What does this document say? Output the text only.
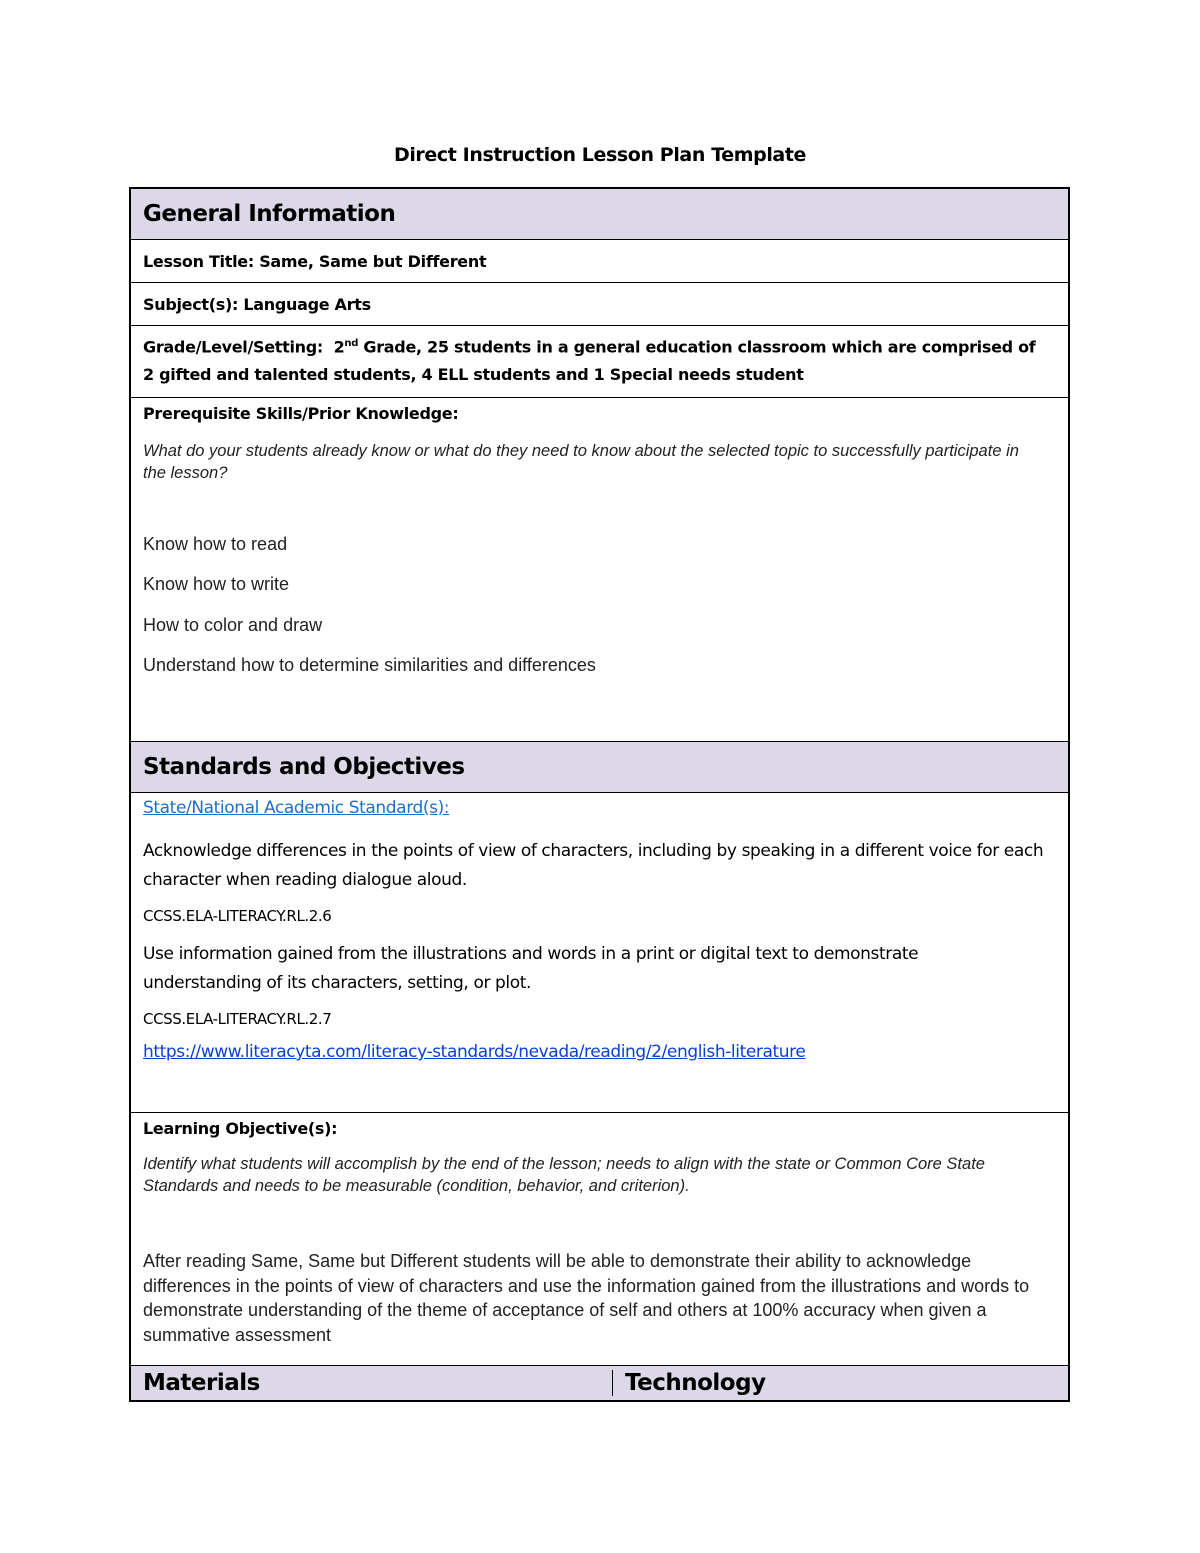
Direct Instruction Lesson Plan Template
General Information
Lesson Title: Same, Same but Different
Subject(s): Language Arts
Grade/Level/Setting: 2nd Grade, 25 students in a general education classroom which are comprised of
2 gifted and talented students, 4 ELL students and 1 Special needs student
Prerequisite Skills/Prior Knowledge:
What do your students already know or what do they need to know about the selected topic to successfully participate in the lesson?
Know how to read
Know how to write
How to color and draw
Understand how to determine similarities and differences
Standards and Objectives
State/National Academic Standard(s):
Acknowledge differences in the points of view of characters, including by speaking in a different voice for each character when reading dialogue aloud.
CCSS.ELA-LITERACY.RL.2.6
Use information gained from the illustrations and words in a print or digital text to demonstrate understanding of its characters, setting, or plot.
CCSS.ELA-LITERACY.RL.2.7
https://www.literacyta.com/literacy-standards/nevada/reading/2/english-literature
Learning Objective(s):
Identify what students will accomplish by the end of the lesson; needs to align with the state or Common Core State Standards and needs to be measurable (condition, behavior, and criterion).
After reading Same, Same but Different students will be able to demonstrate their ability to acknowledge differences in the points of view of characters and use the information gained from the illustrations and words to demonstrate understanding of the theme of acceptance of self and others at 100% accuracy when given a summative assessment
Materials	Technology
